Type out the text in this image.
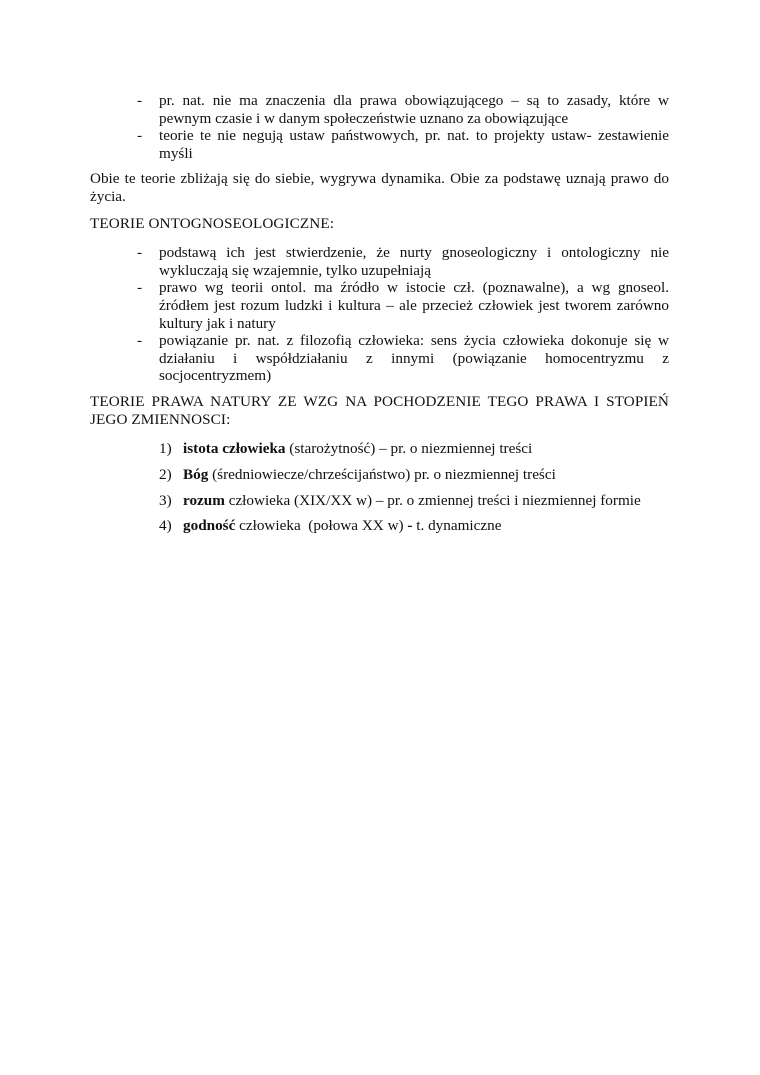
- pr. nat. nie ma znaczenia dla prawa obowiązującego – są to zasady, które w pewnym czasie i w danym społeczeństwie uznano za obowiązujące
- teorie te nie negują ustaw państwowych, pr. nat. to projekty ustaw- zestawienie myśli

Obie te teorie zbliżają się do siebie, wygrywa dynamika. Obie za podstawę uznają prawo do życia.

TEORIE ONTOGNOSEOLOGICZNE:

- podstawą ich jest stwierdzenie, że nurty gnoseologiczny i ontologiczny nie wykluczają się wzajemnie, tylko uzupełniają
- prawo wg teorii ontol. ma źródło w istocie czł. (poznawalne), a wg gnoseol. źródłem jest rozum ludzki i kultura – ale przecież człowiek jest tworem zarówno kultury jak i natury
- powiązanie pr. nat. z filozofią człowieka: sens życia człowieka dokonuje się w działaniu i współdziałaniu z innymi (powiązanie homocentryzmu z socjocentryzmem)

TEORIE PRAWA NATURY ZE WZG NA POCHODZENIE TEGO PRAWA I STOPIEŃ JEGO ZMIENNOSCI:

1) istota człowieka (starożytność) – pr. o niezmiennej treści
2) Bóg (średniowiecze/chrześcijaństwo) pr. o niezmiennej treści
3) rozum człowieka (XIX/XX w) – pr. o zmiennej treści i niezmiennej formie
4) godność człowieka  (połowa XX w) - t. dynamiczne
